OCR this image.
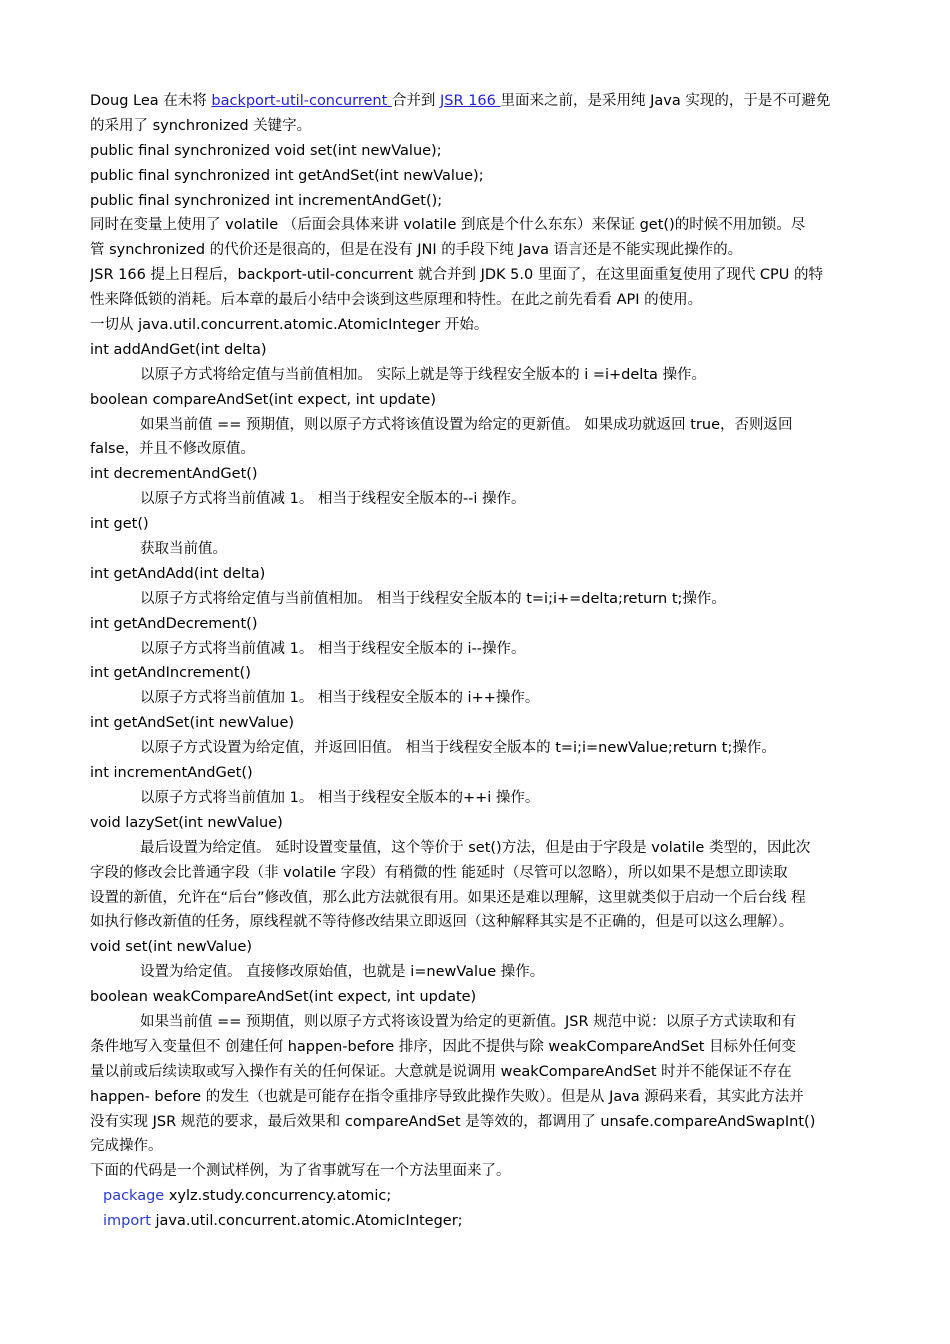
Doug Lea 在未将 backport-util-concurrent 合并到 JSR 166 里面来之前，是采用纯 Java 实现的，于是不可避免
的采用了 synchronized 关键字。
public final synchronized void set(int newValue);
public final synchronized int getAndSet(int newValue);
public final synchronized int incrementAndGet();
同时在变量上使用了 volatile （后面会具体来讲 volatile 到底是个什么东东）来保证 get()的时候不用加锁。尽
管 synchronized 的代价还是很高的，但是在没有 JNI 的手段下纯 Java 语言还是不能实现此操作的。
JSR 166 提上日程后，backport-util-concurrent 就合并到 JDK 5.0 里面了，在这里面重复使用了现代 CPU 的特
性来降低锁的消耗。后本章的最后小结中会谈到这些原理和特性。在此之前先看看 API 的使用。
一切从 java.util.concurrent.atomic.AtomicInteger 开始。
int addAndGet(int delta)
以原子方式将给定值与当前值相加。 实际上就是等于线程安全版本的 i =i+delta 操作。
boolean compareAndSet(int expect, int update)
如果当前值 == 预期值，则以原子方式将该值设置为给定的更新值。 如果成功就返回 true，否则返回
false，并且不修改原值。
int decrementAndGet()
以原子方式将当前值减 1。 相当于线程安全版本的--i 操作。
int get()
获取当前值。
int getAndAdd(int delta)
以原子方式将给定值与当前值相加。 相当于线程安全版本的 t=i;i+=delta;return t;操作。
int getAndDecrement()
以原子方式将当前值减 1。 相当于线程安全版本的 i--操作。
int getAndIncrement()
以原子方式将当前值加 1。 相当于线程安全版本的 i++操作。
int getAndSet(int newValue)
以原子方式设置为给定值，并返回旧值。 相当于线程安全版本的 t=i;i=newValue;return t;操作。
int incrementAndGet()
以原子方式将当前值加 1。 相当于线程安全版本的++i 操作。
void lazySet(int newValue)
最后设置为给定值。 延时设置变量值，这个等价于 set()方法，但是由于字段是 volatile 类型的，因此次
字段的修改会比普通字段（非 volatile 字段）有稍微的性 能延时（尽管可以忽略），所以如果不是想立即读取
设置的新值，允许在“后台”修改值，那么此方法就很有用。如果还是难以理解，这里就类似于启动一个后台线 程
如执行修改新值的任务，原线程就不等待修改结果立即返回（这种解释其实是不正确的，但是可以这么理解）。
void set(int newValue)
设置为给定值。 直接修改原始值，也就是 i=newValue 操作。
boolean weakCompareAndSet(int expect, int update)
如果当前值 == 预期值，则以原子方式将该设置为给定的更新值。JSR 规范中说：以原子方式读取和有
条件地写入变量但不 创建任何 happen-before 排序，因此不提供与除 weakCompareAndSet 目标外任何变
量以前或后续读取或写入操作有关的任何保证。大意就是说调用 weakCompareAndSet 时并不能保证不存在
happen- before 的发生（也就是可能存在指令重排序导致此操作失败）。但是从 Java 源码来看，其实此方法并
没有实现 JSR 规范的要求，最后效果和 compareAndSet 是等效的，都调用了 unsafe.compareAndSwapInt()
完成操作。
下面的代码是一个测试样例，为了省事就写在一个方法里面来了。
package xylz.study.concurrency.atomic;
import java.util.concurrent.atomic.AtomicInteger;
